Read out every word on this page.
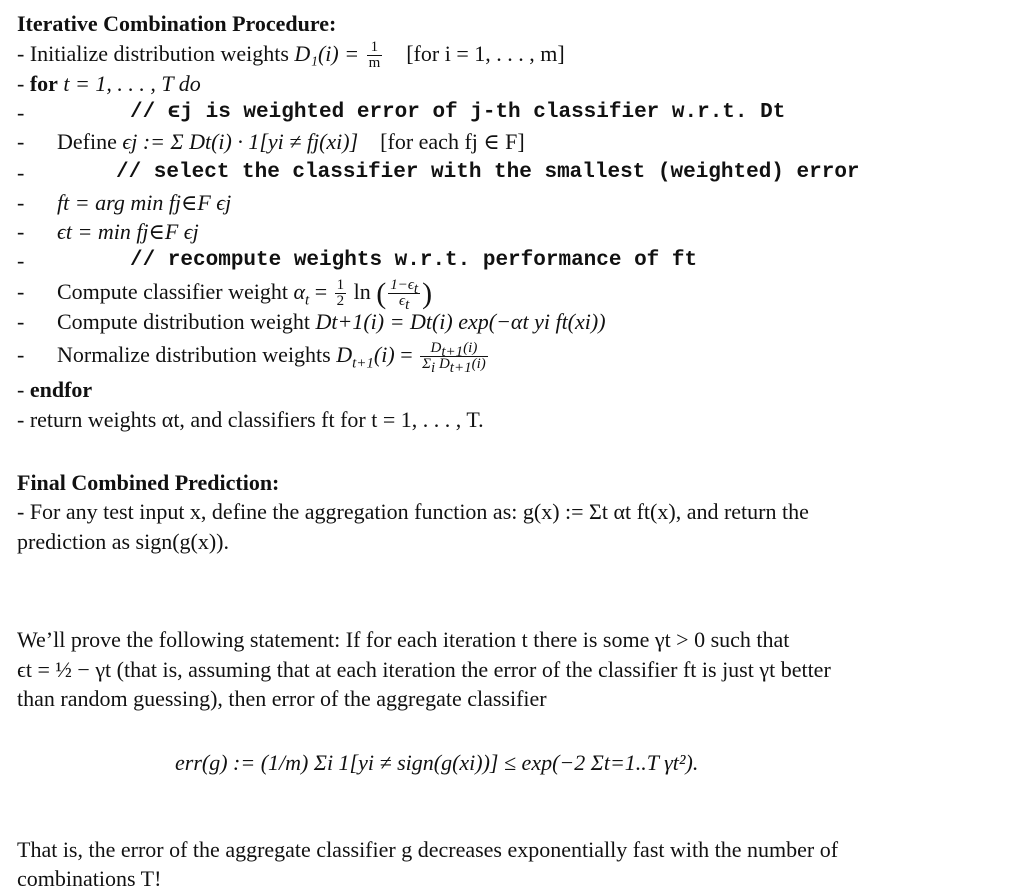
Iterative Combination Procedure:
- Initialize distribution weights $D_1(i) = \frac{1}{m} [for$ i = 1, . . . , m]
- for t = 1, . . . , T do
-	// ϵj is weighted error of j-th classifier w.r.t. Dt
- Define ϵj := Σ Dt(i) · 1[yi ≠ fj(xi)] [for each fj ∈ F]
-	// select the classifier with the smallest (weighted) error
- ft = arg min fj∈F ϵj
- ϵt = min fj∈F ϵj
-	// recompute weights w.r.t. performance of ft
- Compute classifier weight $\alpha_t = \frac{1}{2}$ ln ( $\frac{1-\epsilon_t}{\epsilon_t}$ )
- Compute distribution weight Dt+1(i) = Dt(i) exp(−αt yi ft(xi))
- Normalize distribution weights $D_{t+1}(i) = \frac{D_{t+1}(i)}{\Sigma_i D_{t+1}(i)}$
- endfor
- return weights αt, and classifiers ft for t = 1, . . . , T.
Final Combined Prediction:
- For any test input x, define the aggregation function as: g(x) := Σt αt ft(x), and return the
prediction as sign(g(x)).
We’ll prove the following statement: If for each iteration t there is some γt > 0 such that
ϵt = ½ − γt (that is, assuming that at each iteration the error of the classifier ft is just γt better
than random guessing), then error of the aggregate classifier
That is, the error of the aggregate classifier g decreases exponentially fast with the number of
combinations T!
err(g) := (1/m) Σi 1[yi ≠ sign(g(xi))] ≤ exp(−2 Σt=1..T γt²).
